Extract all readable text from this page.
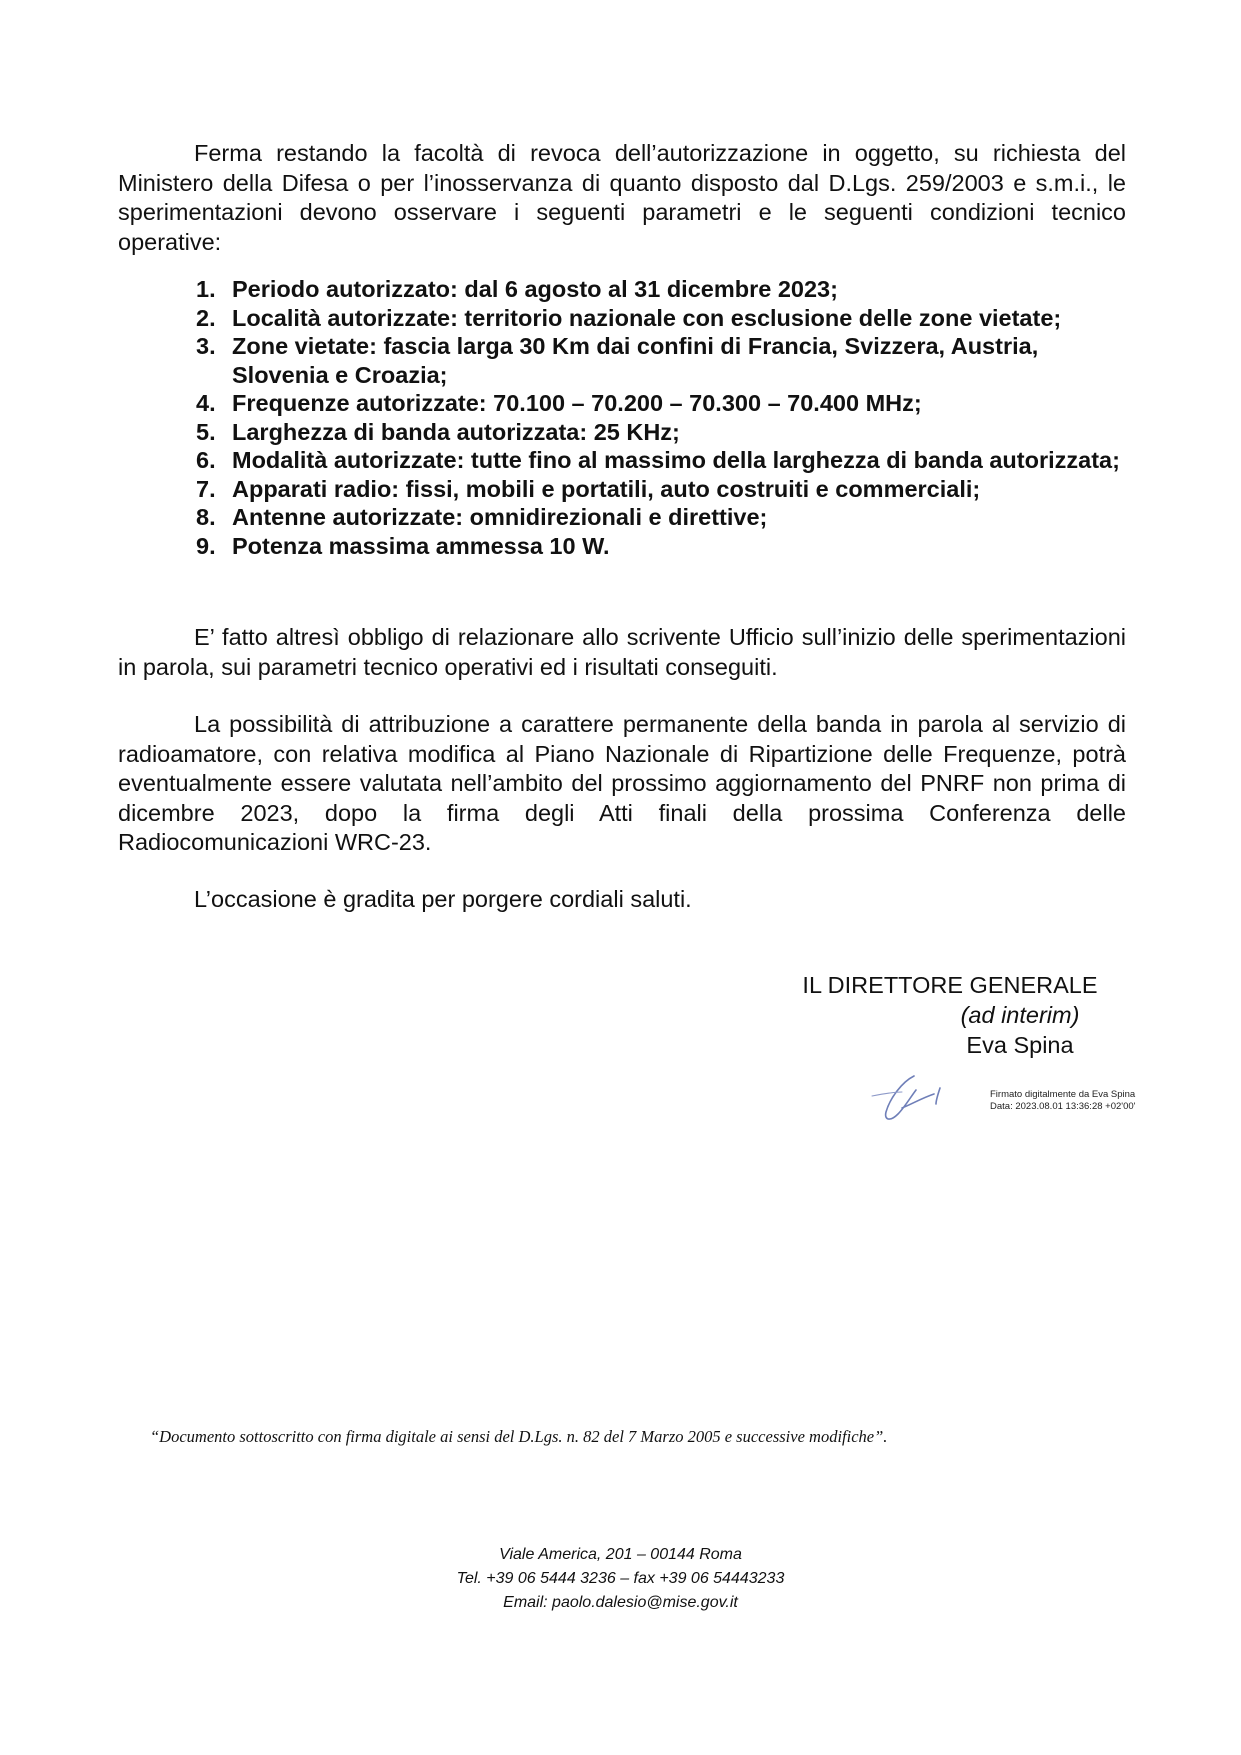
Ferma restando la facoltà di revoca dell’autorizzazione in oggetto, su richiesta del Ministero della Difesa o per l’inosservanza di quanto disposto dal D.Lgs. 259/2003 e s.m.i., le sperimentazioni devono osservare i seguenti parametri e le seguenti condizioni tecnico operative:

1. Periodo autorizzato: dal 6 agosto al 31 dicembre 2023;
2. Località autorizzate: territorio nazionale con esclusione delle zone vietate;
3. Zone vietate: fascia larga 30 Km dai confini di Francia, Svizzera, Austria, Slovenia e Croazia;
4. Frequenze autorizzate: 70.100 – 70.200 – 70.300 – 70.400 MHz;
5. Larghezza di banda autorizzata: 25 KHz;
6. Modalità autorizzate: tutte fino al massimo della larghezza di banda autorizzata;
7. Apparati radio: fissi, mobili e portatili, auto costruiti e commerciali;
8. Antenne autorizzate: omnidirezionali e direttive;
9. Potenza massima ammessa 10 W.

E’ fatto altresì obbligo di relazionare allo scrivente Ufficio sull’inizio delle sperimentazioni in parola, sui parametri tecnico operativi ed i risultati conseguiti.

La possibilità di attribuzione a carattere permanente della banda in parola al servizio di radioamatore, con relativa modifica al Piano Nazionale di Ripartizione delle Frequenze, potrà eventualmente essere valutata nell’ambito del prossimo aggiornamento del PNRF non prima di dicembre 2023, dopo la firma degli Atti finali della prossima Conferenza delle Radiocomunicazioni WRC-23.

L’occasione è gradita per porgere cordiali saluti.

IL DIRETTORE GENERALE
(ad interim)
Eva Spina
Firmato digitalmente da Eva Spina
Data: 2023.08.01 13:36:28 +02'00'
“Documento sottoscritto con firma digitale ai sensi del D.Lgs. n. 82 del 7 Marzo 2005 e successive modifiche”.
Viale America, 201 – 00144 Roma
Tel. +39 06 5444 3236 – fax +39 06 54443233
Email: paolo.dalesio@mise.gov.it
